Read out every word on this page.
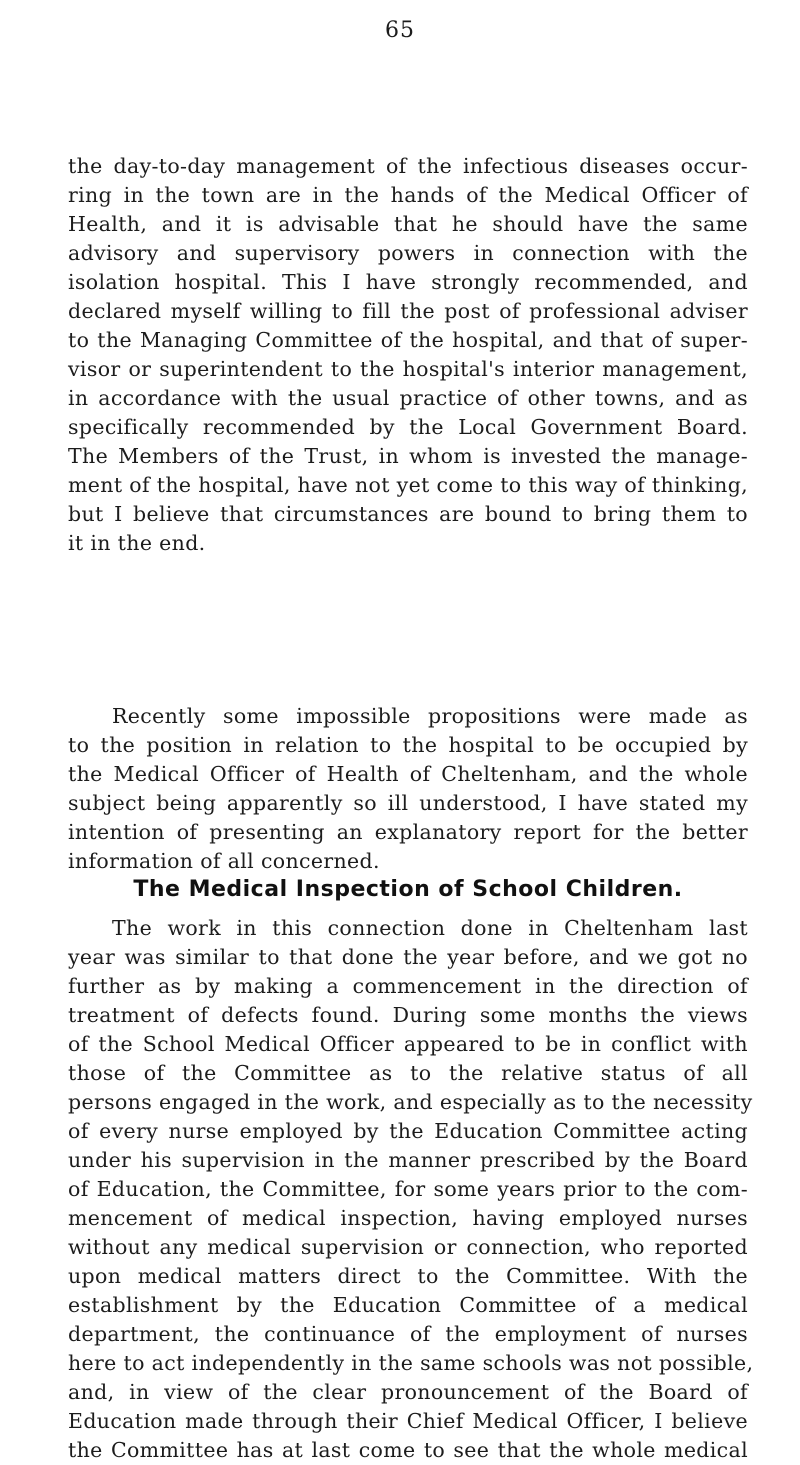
65
the day-to-day management of the infectious diseases occur-
ring in the town are in the hands of the Medical Officer of
Health, and it is advisable that he should have the same
advisory and supervisory powers in connection with the
isolation hospital. This I have strongly recommended, and
declared myself willing to fill the post of professional adviser
to the Managing Committee of the hospital, and that of super-
visor or superintendent to the hospital's interior management,
in accordance with the usual practice of other towns, and as
specifically recommended by the Local Government Board.
The Members of the Trust, in whom is invested the manage-
ment of the hospital, have not yet come to this way of thinking,
but I believe that circumstances are bound to bring them to
it in the end.
Recently some impossible propositions were made as
to the position in relation to the hospital to be occupied by
the Medical Officer of Health of Cheltenham, and the whole
subject being apparently so ill understood, I have stated my
intention of presenting an explanatory report for the better
information of all concerned.
The Medical Inspection of School Children.
The work in this connection done in Cheltenham last
year was similar to that done the year before, and we got no
further as by making a commencement in the direction of
treatment of defects found. During some months the views
of the School Medical Officer appeared to be in conflict with
those of the Committee as to the relative status of all
persons engaged in the work, and especially as to the necessity
of every nurse employed by the Education Committee acting
under his supervision in the manner prescribed by the Board
of Education, the Committee, for some years prior to the com-
mencement of medical inspection, having employed nurses
without any medical supervision or connection, who reported
upon medical matters direct to the Committee. With the
establishment by the Education Committee of a medical
department, the continuance of the employment of nurses
here to act independently in the same schools was not possible,
and, in view of the clear pronouncement of the Board of
Education made through their Chief Medical Officer, I believe
the Committee has at last come to see that the whole medical
